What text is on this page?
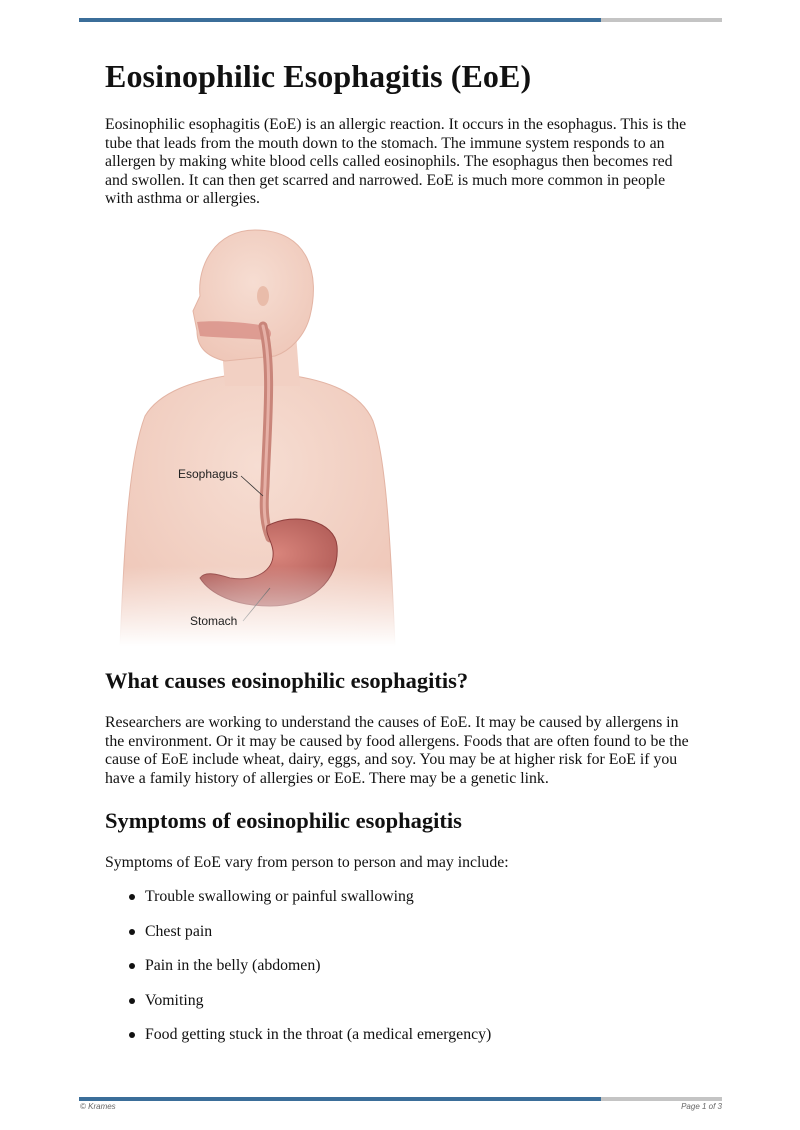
Eosinophilic Esophagitis (EoE)

Eosinophilic esophagitis (EoE) is an allergic reaction. It occurs in the esophagus. This is the tube that leads from the mouth down to the stomach. The immune system responds to an allergen by making white blood cells called eosinophils. The esophagus then becomes red and swollen. It can then get scarred and narrowed. EoE is much more common in people with asthma or allergies.

Esophagus
Stomach
What causes eosinophilic esophagitis?

Researchers are working to understand the causes of EoE. It may be caused by allergens in the environment. Or it may be caused by food allergens. Foods that are often found to be the cause of EoE include wheat, dairy, eggs, and soy. You may be at higher risk for EoE if you have a family history of allergies or EoE. There may be a genetic link.

Symptoms of eosinophilic esophagitis

Symptoms of EoE vary from person to person and may include:

Trouble swallowing or painful swallowing
Chest pain
Pain in the belly (abdomen)
Vomiting
Food getting stuck in the throat (a medical emergency)
© Krames	Page 1 of 3
